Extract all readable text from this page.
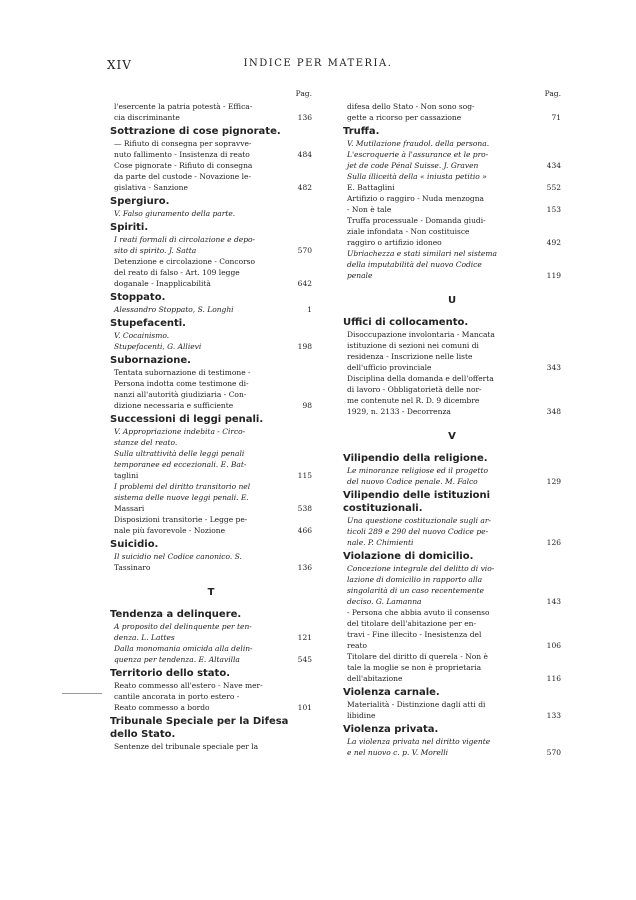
XIV	INDICE PER MATERIA.
Pag.
l'esercente la patria potestà - Effica-
cia discriminante	136
Sottrazione di cose pignorate.
— Rifiuto di consegna per sopravve-
nuto fallimento - Insistenza di reato	484
Cose pignorate - Rifiuto di consegna
da parte del custode - Novazione le-
gislativa - Sanzione	482
Spergiuro.
V. Falso giuramento della parte.
Spiriti.
I reati formali di circolazione e depo-
sito di spirito. J. Satta	570
Detenzione e circolazione - Concorso
del reato di falso - Art. 109 legge
doganale - Inapplicabilità	642
Stoppato.
Alessandro Stoppato, S. Longhi	1
Stupefacenti.
V. Cocainismo.
Stupefacenti, G. Allievi	198
Subornazione.
Tentata subornazione di testimone -
Persona indotta come testimone di-
nanzi all'autorità giudiziaria - Con-
dizione necessaria e sufficiente	98
Successioni di leggi penali.
V. Appropriazione indebita - Circo-
stanze del reato.
Sulla ultrattività delle leggi penali
temporanee ed eccezionali. E. Bat-
taglini	115
I problemi del diritto transitorio nel
sistema delle nuove leggi penali. E.
Massari	538
Disposizioni transitorie - Legge pe-
nale più favorevole - Nozione	466
Suicidio.
Il suicidio nel Codice canonico. S.
Tassinaro	136
T
Tendenza a delinquere.
A proposito del delinquente per ten-
denza. L. Lattes	121
Dalla monomania omicida alla delin-
quenza per tendenza. E. Altavilla	545
Territorio dello stato.
Reato commesso all'estero - Nave mer-
cantile ancorata in porto estero -
Reato commesso a bordo	101
Tribunale Speciale per la Difesa dello Stato.
Sentenze del tribunale speciale per la
Pag.
difesa dello Stato - Non sono sog-
gette a ricorso per cassazione	71
Truffa.
V. Mutilazione fraudol. della persona.
L'escroquerie à l'assurance et le pro-
jet de code Pénal Suisse. J. Graven	434
Sulla illiceità della « iniusta petitio »
E. Battaglini	552
Artifizio o raggiro - Nuda menzogna
- Non è tale	153
Truffa processuale - Domanda giudi-
ziale infondata - Non costituisce
raggiro o artifizio idoneo	492
Ubriachezza e stati similari nel sistema
della imputabilità del nuovo Codice
penale	119
U
Uffici di collocamento.
Disoccupazione involontaria - Mancata
istituzione di sezioni nei comuni di
residenza - Inscrizione nelle liste
dell'ufficio provinciale	343
Disciplina della domanda e dell'offerta
di lavoro - Obbligatorietà delle nor-
me contenute nel R. D. 9 dicembre
1929, n. 2133 - Decorrenza	348
V
Vilipendio della religione.
Le minoranze religiose ed il progetto
del nuovo Codice penale. M. Falco	129
Vilipendio delle istituzioni costituzionali.
Una questione costituzionale sugli ar-
ticoli 289 e 290 del nuovo Codice pe-
nale. P. Chimienti	126
Violazione di domicilio.
Concezione integrale del delitto di vio-
lazione di domicilio in rapporto alla
singolarità di un caso recentemente
deciso. G. Lamanna	143
- Persona che abbia avuto il consenso
del titolare dell'abitazione per en-
travi - Fine illecito - Inesistenza del
reato	106
Titolare del diritto di querela - Non è
tale la moglie se non è proprietaria
dell'abitazione	116
Violenza carnale.
Materialità - Distinzione dagli atti di
libidine	133
Violenza privata.
La violenza privata nel diritto vigente
e nel nuovo c. p. V. Morelli	570
